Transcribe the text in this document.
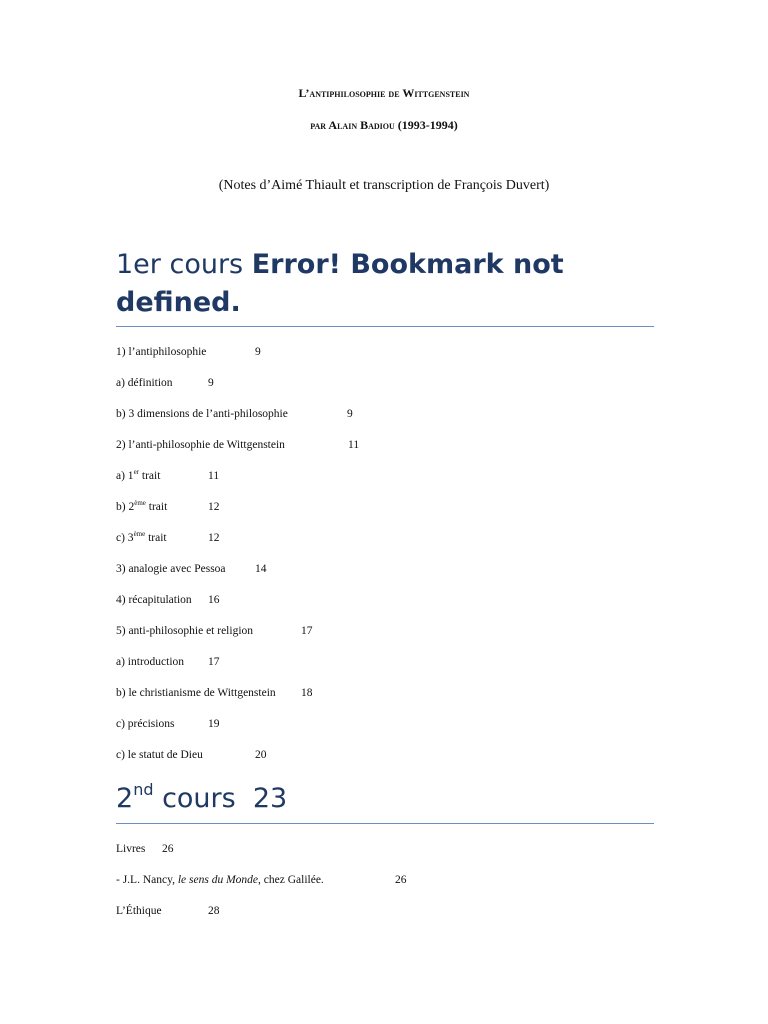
L’antiphilosophie de Wittgenstein
par Alain Badiou (1993-1994)
(Notes d’Aimé Thiault et transcription de François Duvert)
1er cours Error! Bookmark not defined.
1) l’antiphilosophie	9
a) définition	9
b) 3 dimensions de l’anti-philosophie	9
2) l’anti-philosophie de Wittgenstein	11
a) 1er trait	11
b) 2ème trait	12
c) 3ème trait	12
3) analogie avec Pessoa	14
4) récapitulation 16
5) anti-philosophie et religion	17
a) introduction 17
b) le christianisme de Wittgenstein 18
c) précisions	19
c) le statut de Dieu	20
2nd cours  23
Livres 26
- J.L. Nancy, le sens du Monde, chez Galilée.	26
L’Éthique	28
